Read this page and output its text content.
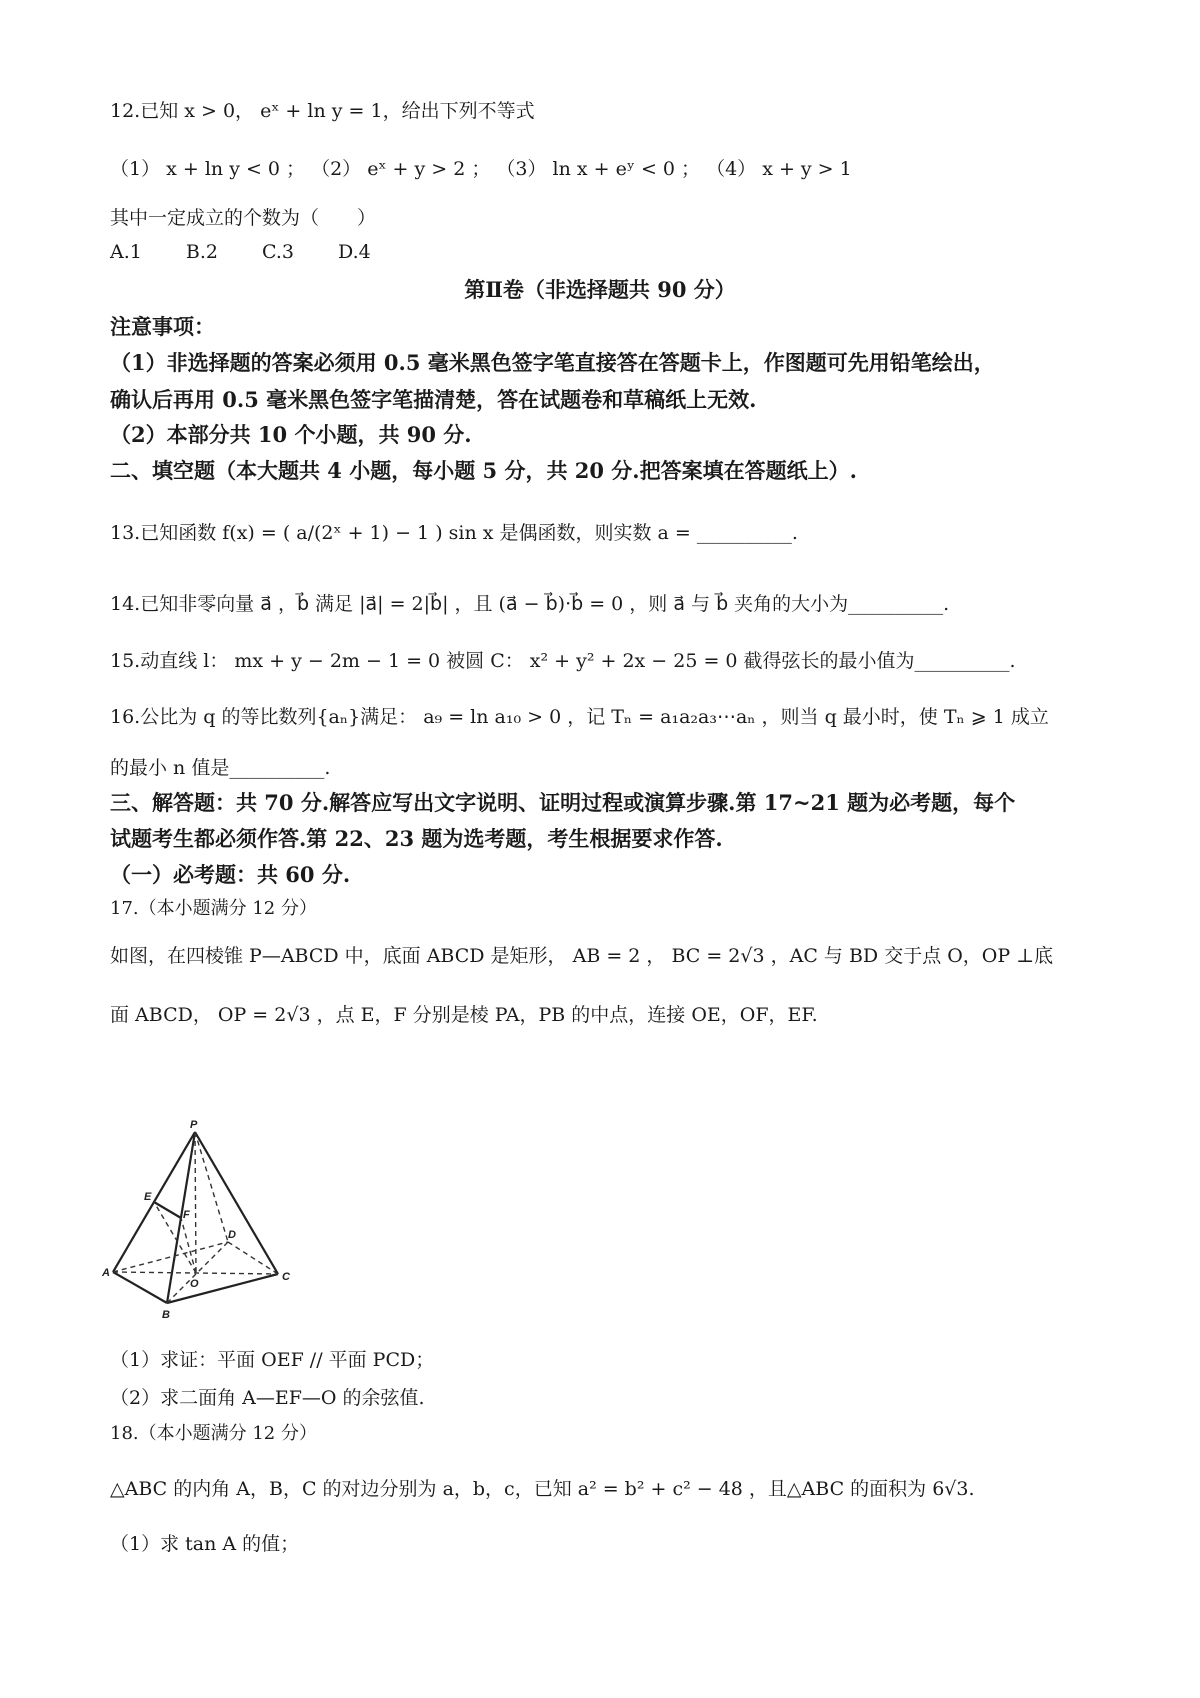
12.已知 x > 0， eˣ + ln y = 1，给出下列不等式
（1） x + ln y < 0 ； （2） eˣ + y > 2 ； （3） ln x + eʸ < 0 ； （4） x + y > 1
其中一定成立的个数为（　　）
A.1　　 B.2　　 C.3　　 D.4
第Ⅱ卷（非选择题共 90 分）
注意事项：
（1）非选择题的答案必须用 0.5 毫米黑色签字笔直接答在答题卡上，作图题可先用铅笔绘出，
确认后再用 0.5 毫米黑色签字笔描清楚，答在试题卷和草稿纸上无效.
（2）本部分共 10 个小题，共 90 分.
二、填空题（本大题共 4 小题，每小题 5 分，共 20 分.把答案填在答题纸上）.
13.已知函数 f(x) = ( a/(2ˣ + 1) − 1 ) sin x 是偶函数，则实数 a = __________.
14.已知非零向量 a⃗ ，b⃗ 满足 |a⃗| = 2|b⃗| ，且 (a⃗ − b⃗)·b⃗ = 0 ，则 a⃗ 与 b⃗ 夹角的大小为__________.
15.动直线 l： mx + y − 2m − 1 = 0 被圆 C： x² + y² + 2x − 25 = 0 截得弦长的最小值为__________.
16.公比为 q 的等比数列{aₙ}满足： a₉ = ln a₁₀ > 0 ，记 Tₙ = a₁a₂a₃⋯aₙ ，则当 q 最小时，使 Tₙ ⩾ 1 成立
的最小 n 值是__________.
三、解答题：共 70 分.解答应写出文字说明、证明过程或演算步骤.第 17~21 题为必考题，每个
试题考生都必须作答.第 22、23 题为选考题，考生根据要求作答.
（一）必考题：共 60 分.
17.（本小题满分 12 分）
如图，在四棱锥 P—ABCD 中，底面 ABCD 是矩形， AB = 2 ， BC = 2√3 ，AC 与 BD 交于点 O，OP ⊥底
面 ABCD， OP = 2√3 ，点 E，F 分别是棱 PA，PB 的中点，连接 OE，OF，EF.
P
A
B
C
D
E
F
O
（1）求证：平面 OEF // 平面 PCD；
（2）求二面角 A—EF—O 的余弦值.
18.（本小题满分 12 分）
△ABC 的内角 A，B，C 的对边分别为 a，b，c，已知 a² = b² + c² − 48 ，且△ABC 的面积为 6√3.
（1）求 tan A 的值；
